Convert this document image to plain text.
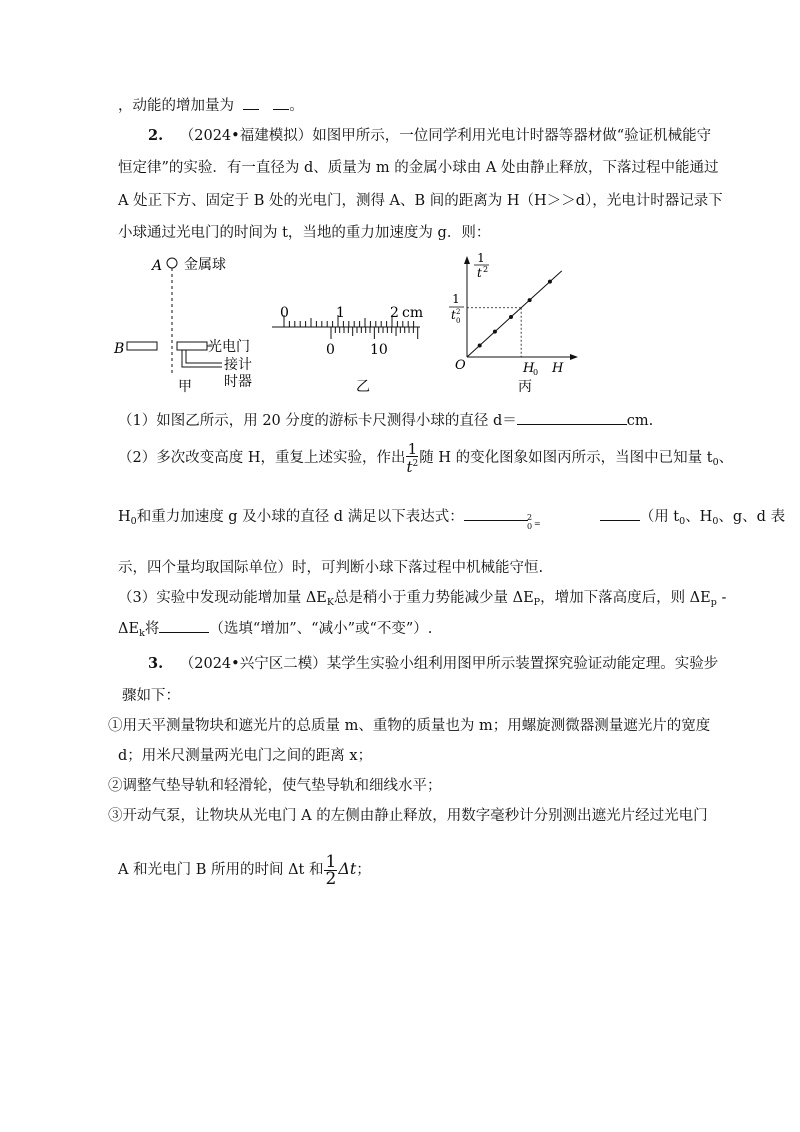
，动能的增加量为	。
2. （2024•福建模拟）如图甲所示，一位同学利用光电计时器等器材做“验证机械能守
恒定律”的实验．有一直径为 d、质量为 m 的金属小球由 A 处由静止释放，下落过程中能通过
A 处正下方、固定于 B 处的光电门，测得 A、B 间的距离为 H（H＞＞d），光电计时器记录下
小球通过光电门的时间为 t，当地的重力加速度为 g．则：
A 金属球
B	光电门
接计
时器
甲
0	1	2 cm
0	10
乙
1
t 2
1
t 2
0
O	H
0 H
丙
（1）如图乙所示，用 20 分度的游标卡尺测得小球的直径 d＝	cm.
（2）多次改变高度 H，重复上述实验，作出 $\frac{1}{t^2}$ 随 H 的变化图象如图丙所示，当图中已知量 $t_0$、
$H_0$和重力加速度 g 及小球的直径 d 满足以下表达式：	（用 $t_0$、$H_0$、g、d 表
2
0 =
示，四个量均取国际单位）时，可判断小球下落过程中机械能守恒.
（3）实验中发现动能增加量 $\Delta E_K$总是稍小于重力势能减少量 $\Delta E_P$，增加下落高度后，则 $\Delta E_p$ -
$\Delta E_k$将	（选填“增加”、“减小”或“不变”）.
3. （2024•兴宁区二模）某学生实验小组利用图甲所示装置探究验证动能定理。实验步
骤如下：
①用天平测量物块和遮光片的总质量 m、重物的质量也为 m；用螺旋测微器测量遮光片的宽度
d；用米尺测量两光电门之间的距离 x；
②调整气垫导轨和轻滑轮，使气垫导轨和细线水平；
③开动气泵，让物块从光电门 A 的左侧由静止释放，用数字毫秒计分别测出遮光片经过光电门
A 和光电门 B 所用的时间 Δt 和 $\frac{1}{2}$ Δt；
